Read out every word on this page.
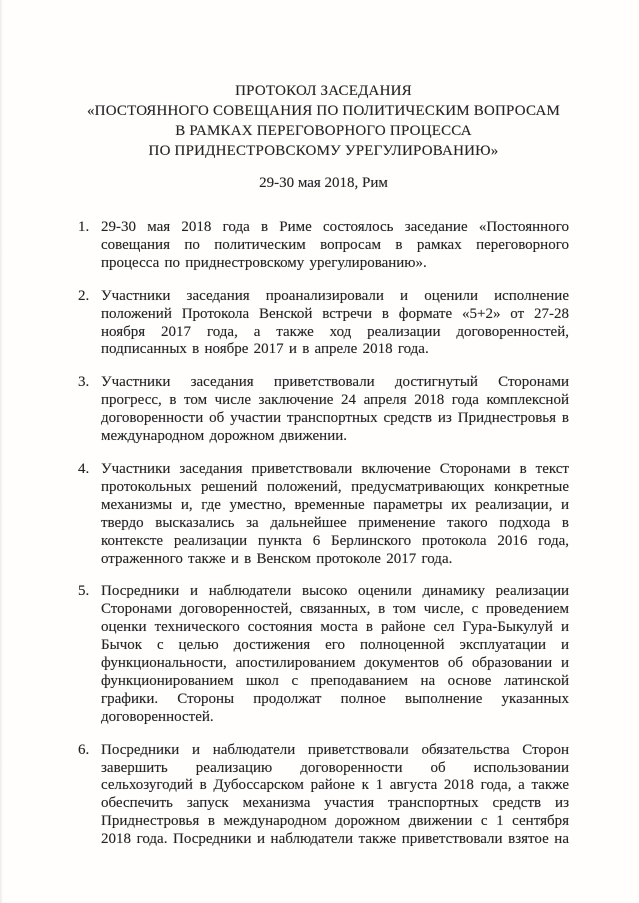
ПРОТОКОЛ ЗАСЕДАНИЯ
«ПОСТОЯННОГО СОВЕЩАНИЯ ПО ПОЛИТИЧЕСКИМ ВОПРОСАМ
В РАМКАХ ПЕРЕГОВОРНОГО ПРОЦЕССА
ПО ПРИДНЕСТРОВСКОМУ УРЕГУЛИРОВАНИЮ»
29-30 мая 2018, Рим
1. 29-30 мая 2018 года в Риме состоялось заседание «Постоянного совещания по политическим вопросам в рамках переговорного процесса по приднестровскому урегулированию».
2. Участники заседания проанализировали и оценили исполнение положений Протокола Венской встречи в формате «5+2» от 27-28 ноября 2017 года, а также ход реализации договоренностей, подписанных в ноябре 2017 и в апреле 2018 года.
3. Участники заседания приветствовали достигнутый Сторонами прогресс, в том числе заключение 24 апреля 2018 года комплексной договоренности об участии транспортных средств из Приднестровья в международном дорожном движении.
4. Участники заседания приветствовали включение Сторонами в текст протокольных решений положений, предусматривающих конкретные механизмы и, где уместно, временные параметры их реализации, и твердо высказались за дальнейшее применение такого подхода в контексте реализации пункта 6 Берлинского протокола 2016 года, отраженного также и в Венском протоколе 2017 года.
5. Посредники и наблюдатели высоко оценили динамику реализации Сторонами договоренностей, связанных, в том числе, с проведением оценки технического состояния моста в районе сел Гура-Быкулуй и Бычок с целью достижения его полноценной эксплуатации и функциональности, апостилированием документов об образовании и функционированием школ с преподаванием на основе латинской графики. Стороны продолжат полное выполнение указанных договоренностей.
6. Посредники и наблюдатели приветствовали обязательства Сторон завершить реализацию договоренности об использовании сельхозугодий в Дубоссарском районе к 1 августа 2018 года, а также обеспечить запуск механизма участия транспортных средств из Приднестровья в международном дорожном движении с 1 сентября 2018 года. Посредники и наблюдатели также приветствовали взятое на
